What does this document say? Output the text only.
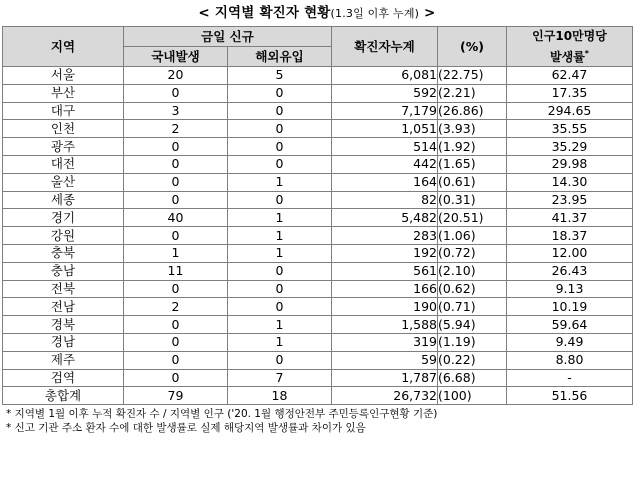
< 지역별 확진자 현황(1.3일 이후 누계) >
지역	금일 신규		확진자누계	(%)	인구10만명당
발생률*

	국내발생	해외유입			
서울	20	5	6,081	(22.75)	62.47
부산	0	0	592	(2.21)	17.35
대구	3	0	7,179	(26.86)	294.65
인천	2	0	1,051	(3.93)	35.55
광주	0	0	514	(1.92)	35.29
대전	0	0	442	(1.65)	29.98
울산	0	1	164	(0.61)	14.30
세종	0	0	82	(0.31)	23.95
경기	40	1	5,482	(20.51)	41.37
강원	0	1	283	(1.06)	18.37
충북	1	1	192	(0.72)	12.00
충남	11	0	561	(2.10)	26.43
전북	0	0	166	(0.62)	9.13
전남	2	0	190	(0.71)	10.19
경북	0	1	1,588	(5.94)	59.64
경남	0	1	319	(1.19)	9.49
제주	0	0	59	(0.22)	8.80
검역	0	7	1,787	(6.68)	-
총합계	79	18	26,732	(100)	51.56
* 지역별 1월 이후 누적 확진자 수 / 지역별 인구 ('20. 1월 행정안전부 주민등록인구현황 기준)
* 신고 기관 주소 환자 수에 대한 발생률로 실제 해당지역 발생률과 차이가 있음
